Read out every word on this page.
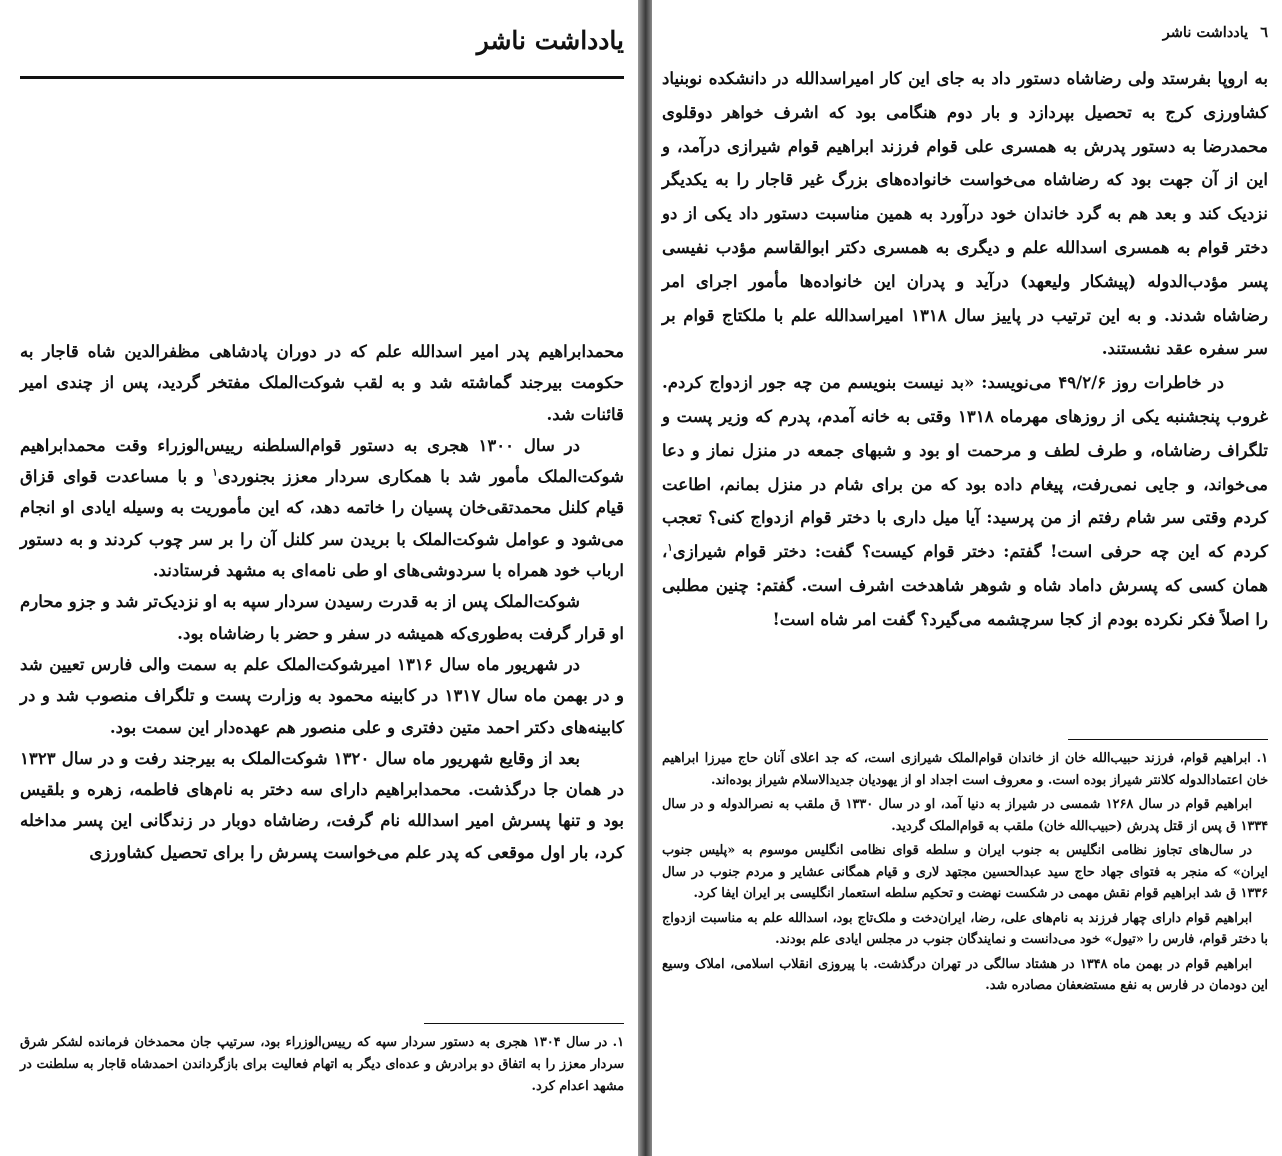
یادداشت ناشر

محمدابراهیم پدر امیر اسدالله علم که در دوران پادشاهی مظفرالدین شاه قاجار به حکومت بیرجند گماشته شد و به لقب شوکت‌الملک مفتخر گردید، پس از چندی امیر قائنات شد.

در سال ۱۳۰۰ هجری به دستور قوام‌السلطنه رییس‌الوزراء وقت محمدابراهیم شوکت‌الملک مأمور شد با همکاری سردار معزز بجنوردی$^۱$ و با مساعدت قوای قزاق قیام کلنل محمدتقی‌خان پسیان را خاتمه دهد، که این مأموریت به وسیله ایادی او انجام می‌شود و عوامل شوکت‌الملک با بریدن سر کلنل آن را بر سر چوب کردند و به دستور ارباب خود همراه با سردوشی‌های او طی نامه‌ای به مشهد فرستادند.

شوکت‌الملک پس از به قدرت رسیدن سردار سپه به او نزدیک‌تر شد و جزو محارم او قرار گرفت به‌طوری‌که همیشه در سفر و حضر با رضاشاه بود.

در شهریور ماه سال ۱۳۱۶ امیرشوکت‌الملک علم به سمت والی فارس تعیین شد و در بهمن ماه سال ۱۳۱۷ در کابینه محمود به وزارت پست و تلگراف منصوب شد و در کابینه‌های دکتر احمد متین دفتری و علی منصور هم عهده‌دار این سمت بود.

بعد از وقایع شهریور ماه سال ۱۳۲۰ شوکت‌الملک به بیرجند رفت و در سال ۱۳۲۳ در همان جا درگذشت. محمدابراهیم دارای سه دختر به نام‌های فاطمه، زهره و بلقیس بود و تنها پسرش امیر اسدالله نام گرفت، رضاشاه دوبار در زندگانی این پسر مداخله کرد، بار اول موقعی که پدر علم می‌خواست پسرش را برای تحصیل کشاورزی

۱. در سال ۱۳۰۴ هجری به دستور سردار سپه که رییس‌الوزراء بود، سرتیپ جان محمدخان فرمانده لشکر شرق سردار معزز را به اتفاق دو برادرش و عده‌ای دیگر به اتهام فعالیت برای بازگرداندن احمدشاه قاجار به سلطنت در مشهد اعدام کرد.

٦یادداشت ناشر

به اروپا بفرستد ولی رضاشاه دستور داد به جای این کار امیراسدالله در دانشکده نوبنیاد کشاورزی کرج به تحصیل بپردازد و بار دوم هنگامی بود که اشرف خواهر دوقلوی محمدرضا به دستور پدرش به همسری علی قوام فرزند ابراهیم قوام شیرازی درآمد، و این از آن جهت بود که رضاشاه می‌خواست خانواده‌های بزرگ غیر قاجار را به یکدیگر نزدیک کند و بعد هم به گرد خاندان خود درآورد به همین مناسبت دستور داد یکی از دو دختر قوام به همسری اسدالله علم و دیگری به همسری دکتر ابوالقاسم مؤدب نفیسی پسر مؤدب‌الدوله (پیشکار ولیعهد) درآید و پدران این خانواده‌ها مأمور اجرای امر رضاشاه شدند. و به این ترتیب در پاییز سال ۱۳۱۸ امیراسدالله علم با ملکتاج قوام بر سر سفره عقد نشستند.

در خاطرات روز ۴۹/۲/۶ می‌نویسد: «بد نیست بنویسم من چه جور ازدواج کردم. غروب پنجشنبه یکی از روزهای مهرماه ۱۳۱۸ وقتی به خانه آمدم، پدرم که وزیر پست و تلگراف رضاشاه، و طرف لطف و مرحمت او بود و شبهای جمعه در منزل نماز و دعا می‌خواند، و جایی نمی‌رفت، پیغام داده بود که من برای شام در منزل بمانم، اطاعت کردم وقتی سر شام رفتم از من پرسید: آیا میل داری با دختر قوام ازدواج کنی؟ تعجب کردم که این چه حرفی است! گفتم: دختر قوام کیست؟ گفت: دختر قوام شیرازی$^۱$، همان کسی که پسرش داماد شاه و شوهر شاهدخت اشرف است. گفتم: چنین مطلبی را اصلاً فکر نکرده بودم از کجا سرچشمه می‌گیرد؟ گفت امر شاه است!

۱. ابراهیم قوام، فرزند حبیب‌الله خان از خاندان قوام‌الملک شیرازی است، که جد اعلای آنان حاج میرزا ابراهیم خان اعتمادالدوله کلانتر شیراز بوده است. و معروف است اجداد او از یهودیان جدیدالاسلام شیراز بوده‌اند.

ابراهیم قوام در سال ۱۲۶۸ شمسی در شیراز به دنیا آمد، او در سال ۱۳۳۰ ق ملقب به نصرالدوله و در سال ۱۳۳۴ ق پس از قتل پدرش (حبیب‌الله خان) ملقب به قوام‌الملک گردید.

در سال‌های تجاوز نظامی انگلیس به جنوب ایران و سلطه قوای نظامی انگلیس موسوم به «پلیس جنوب ایران» که منجر به فتوای جهاد حاج سید عبدالحسین مجتهد لاری و قیام همگانی عشایر و مردم جنوب در سال ۱۳۳۶ ق شد ابراهیم قوام نقش مهمی در شکست نهضت و تحکیم سلطه استعمار انگلیسی بر ایران ایفا کرد.

ابراهیم قوام دارای چهار فرزند به نام‌های علی، رضا، ایران‌دخت و ملک‌تاج بود، اسدالله علم به مناسبت ازدواج با دختر قوام، فارس را «تیول» خود می‌دانست و نمایندگان جنوب در مجلس ایادی علم بودند.

ابراهیم قوام در بهمن ماه ۱۳۴۸ در هشتاد سالگی در تهران درگذشت. با پیروزی انقلاب اسلامی، املاک وسیع این دودمان در فارس به نفع مستضعفان مصادره شد.
